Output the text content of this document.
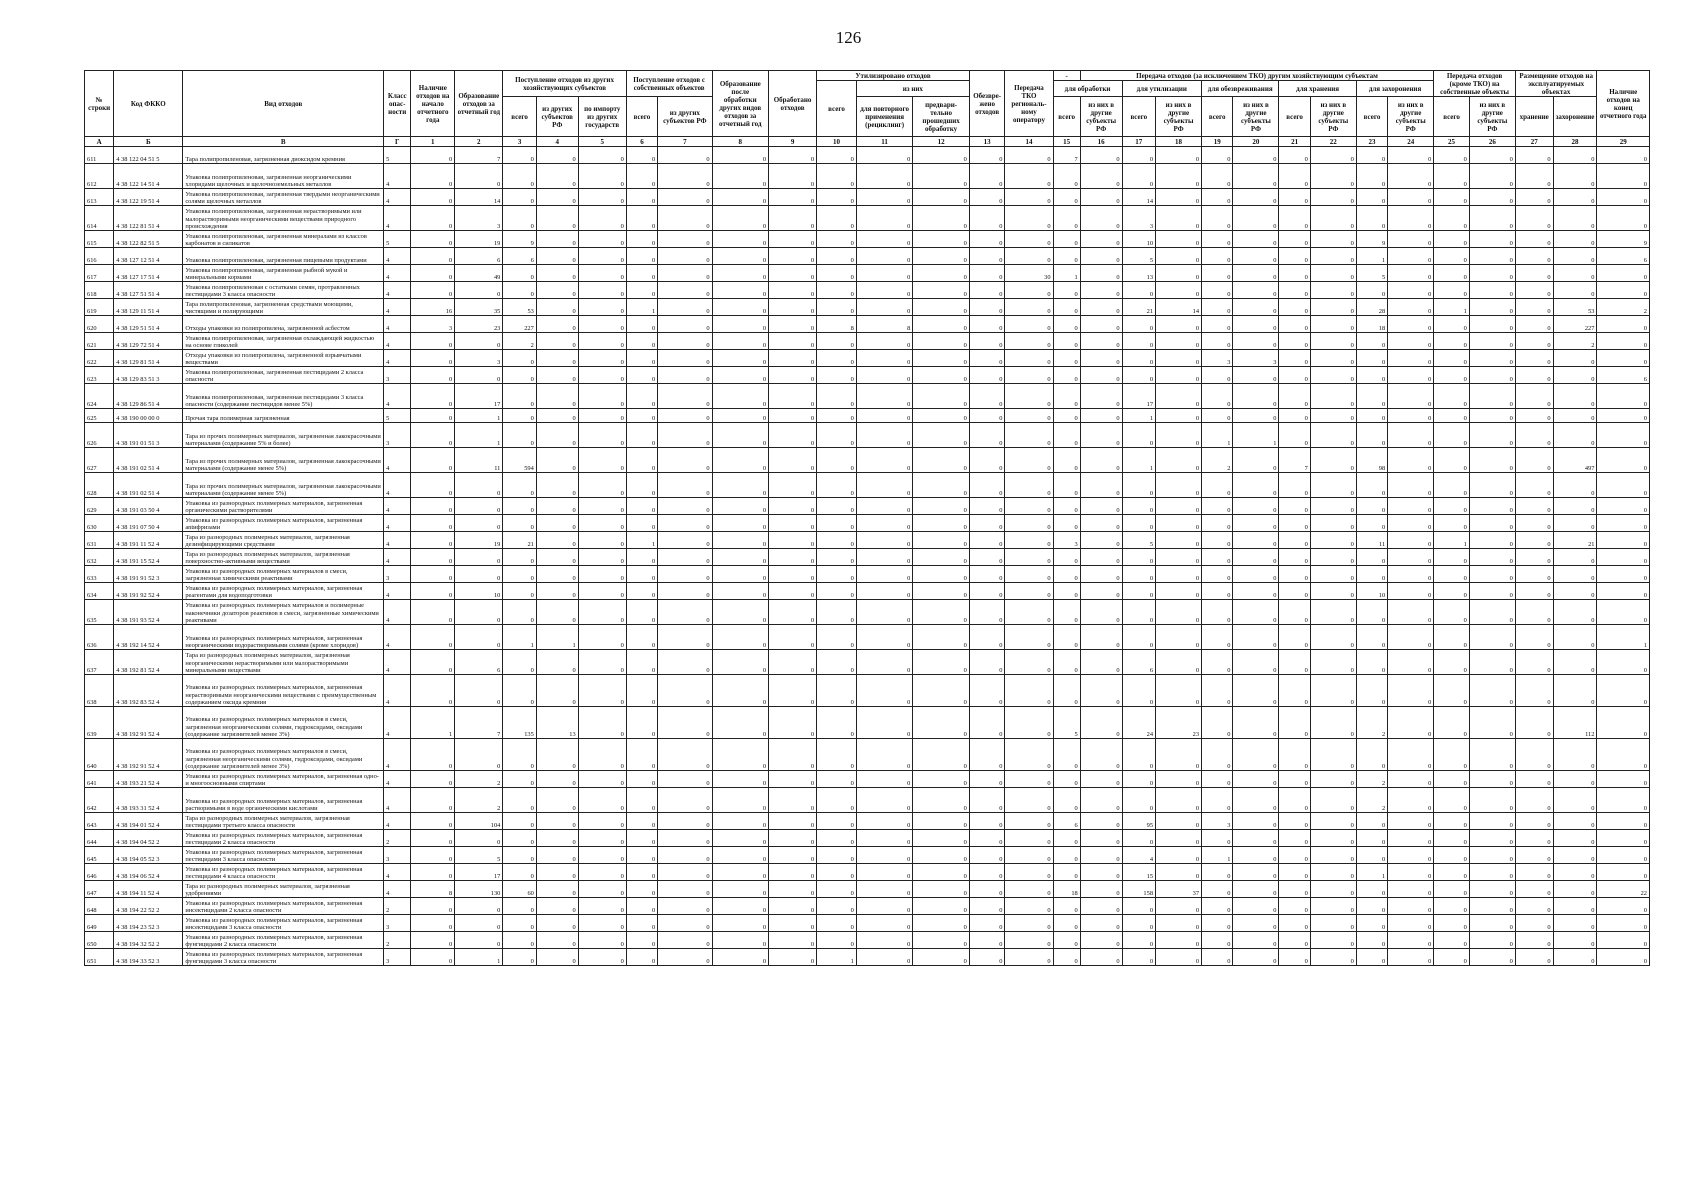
126
№ строки	Код ФККО	Вид отходов	Класс опас-ности	Наличие отходов на начало отчетного года	Образование отходов за отчетный год	Поступление отходов из других хозяйствующих субъектов			Поступление отходов с собственных объектов		Образование после обработки других видов отходов за отчетный год	Обработано отходов	Утилизировано отходов			Обезвре-жено отходов	Передача ТКО региональ-ному оператору	-	Передача отходов (за исключением ТКО) другим хозяйствующим субъектам									Передача отходов (кроме ТКО) на собственные объекты		Размещение отходов на эксплуатируемых объектах		Наличие отходов на конец отчетного года
													всего	из них				для обработки		для утилизации		для обезвреживания		для хранения		для захоронения						
						всего	из других субъектов РФ	по импорту из других государств	всего	из других субъектов РФ				для повторного применения (рециклинг)	предвари-тельно прошедших обработку			всего	из них в другие субъекты РФ	всего	из них в другие субъекты РФ	всего	из них в другие субъекты РФ	всего	из них в другие субъекты РФ	всего	из них в другие субъекты РФ	всего	из них в другие субъекты РФ	хранение	захоронение	
А	Б	В	Г	1	2	3	4	5	6	7	8	9	10	11	12	13	14	15	16	17	18	19	20	21	22	23	24	25	26	27	28	29
611	4 38 122 04 51 5	Тара полипропиленовая, загрязненная диоксидом кремния	5	0	7	0	0	0	0	0	0	0	0	0	0	0	0	7	0	0	0	0	0	0	0	0	0	0	0	0	0	0
612	4 38 122 14 51 4	Упаковка полипропиленовая, загрязненная неорганическими хлоридами щелочных и щелочноземельных металлов	4	0	0	0	0	0	0	0	0	0	0	0	0	0	0	0	0	0	0	0	0	0	0	0	0	0	0	0	0	0
613	4 38 122 19 51 4	Упаковка полипропиленовая, загрязненная твердыми неорганическими солями щелочных металлов	4	0	14	0	0	0	0	0	0	0	0	0	0	0	0	0	0	14	0	0	0	0	0	0	0	0	0	0	0	0
614	4 38 122 81 51 4	Упаковка полипропиленовая, загрязненная нерастворимыми или малорастворимыми неорганическими веществами природного происхождения	4	0	3	0	0	0	0	0	0	0	0	0	0	0	0	0	0	3	0	0	0	0	0	0	0	0	0	0	0	0
615	4 38 122 82 51 5	Упаковка полипропиленовая, загрязненная минералами из классов карбонатов и силикатов	5	0	19	9	0	0	0	0	0	0	0	0	0	0	0	0	0	10	0	0	0	0	0	9	0	0	0	0	0	9
616	4 38 127 12 51 4	Упаковка полипропиленовая, загрязненная пищевыми продуктами	4	0	6	6	0	0	0	0	0	0	0	0	0	0	0	0	0	5	0	0	0	0	0	1	0	0	0	0	0	6
617	4 38 127 17 51 4	Упаковка полипропиленовая, загрязненная рыбной мукой и минеральными кормами	4	0	49	0	0	0	0	0	0	0	0	0	0	0	30	1	0	13	0	0	0	0	0	5	0	0	0	0	0	0
618	4 38 127 51 51 4	Упаковка полипропиленовая с остатками семян, протравленных пестицидами 3 класса опасности	4	0	0	0	0	0	0	0	0	0	0	0	0	0	0	0	0	0	0	0	0	0	0	0	0	0	0	0	0	0
619	4 38 129 11 51 4	Тара полипропиленовая, загрязненная средствами моющими, чистящими и полирующими	4	16	35	53	0	0	1	0	0	0	0	0	0	0	0	0	0	21	14	0	0	0	0	28	0	1	0	0	53	2
620	4 38 129 51 51 4	Отходы упаковки из полипропилена, загрязненной асбестом	4	3	23	227	0	0	0	0	0	0	8	8	0	0	0	0	0	0	0	0	0	0	0	18	0	0	0	0	227	0
621	4 38 129 72 51 4	Упаковка полипропиленовая, загрязненная охлаждающей жидкостью на основе гликолей	4	0	0	2	0	0	0	0	0	0	0	0	0	0	0	0	0	0	0	0	0	0	0	0	0	0	0	0	2	0
622	4 38 129 81 51 4	Отходы упаковки из полипропилена, загрязненной взрывчатыми веществами	4	0	3	0	0	0	0	0	0	0	0	0	0	0	0	0	0	0	0	3	3	0	0	0	0	0	0	0	0	0
623	4 38 129 83 51 3	Упаковка полипропиленовая, загрязненная пестицидами 2 класса опасности	3	0	0	0	0	0	0	0	0	0	0	0	0	0	0	0	0	0	0	0	0	0	0	0	0	0	0	0	0	6
624	4 38 129 86 51 4	Упаковка полипропиленовая, загрязненная пестицидами 3 класса опасности (содержание пестицидов менее 5%)	4	0	17	0	0	0	0	0	0	0	0	0	0	0	0	0	0	17	0	0	0	0	0	0	0	0	0	0	0	0
625	4 38 190 00 00 0	Прочая тара полимерная загрязненная	5	0	1	0	0	0	0	0	0	0	0	0	0	0	0	0	0	1	0	0	0	0	0	0	0	0	0	0	0	0
626	4 38 191 01 51 3	Тара из прочих полимерных материалов, загрязненная лакокрасочными материалами (содержание 5% и более)	3	0	1	0	0	0	0	0	0	0	0	0	0	0	0	0	0	0	0	1	1	0	0	0	0	0	0	0	0	0
627	4 38 191 02 51 4	Тара из прочих полимерных материалов, загрязненная лакокрасочными материалами (содержание менее 5%)	4	0	11	594	0	0	0	0	0	0	0	0	0	0	0	0	0	1	0	2	0	7	0	98	0	0	0	0	497	0
628	4 38 191 02 51 4	Тара из прочих полимерных материалов, загрязненная лакокрасочными материалами (содержание менее 5%)	4	0	0	0	0	0	0	0	0	0	0	0	0	0	0	0	0	0	0	0	0	0	0	0	0	0	0	0	0	0
629	4 38 191 03 50 4	Упаковка из разнородных полимерных материалов, загрязненная органическими растворителями	4	0	0	0	0	0	0	0	0	0	0	0	0	0	0	0	0	0	0	0	0	0	0	0	0	0	0	0	0	0
630	4 38 191 07 50 4	Упаковка из разнородных полимерных материалов, загрязненная antифризами	4	0	0	0	0	0	0	0	0	0	0	0	0	0	0	0	0	0	0	0	0	0	0	0	0	0	0	0	0	0
631	4 38 191 11 52 4	Тара из разнородных полимерных материалов, загрязненная дезинфицирующими средствами	4	0	19	21	0	0	1	0	0	0	0	0	0	0	0	3	0	5	0	0	0	0	0	11	0	1	0	0	21	0
632	4 38 191 15 52 4	Тара из разнородных полимерных материалов, загрязненная поверхностно-активными веществами	4	0	0	0	0	0	0	0	0	0	0	0	0	0	0	0	0	0	0	0	0	0	0	0	0	0	0	0	0	0
633	4 38 191 91 52 3	Упаковка из разнородных полимерных материалов в смеси, загрязненная химическими реактивами	3	0	0	0	0	0	0	0	0	0	0	0	0	0	0	0	0	0	0	0	0	0	0	0	0	0	0	0	0	0
634	4 38 191 92 52 4	Упаковка из разнородных полимерных материалов, загрязненная реагентами для водоподготовки	4	0	10	0	0	0	0	0	0	0	0	0	0	0	0	0	0	0	0	0	0	0	0	10	0	0	0	0	0	0
635	4 38 191 93 52 4	Упаковка из разнородных полимерных материалов и полимерные наконечники дозаторов реактивов в смеси, загрязненные химическими реактивами	4	0	0	0	0	0	0	0	0	0	0	0	0	0	0	0	0	0	0	0	0	0	0	0	0	0	0	0	0	0
636	4 38 192 14 52 4	Упаковка из разнородных полимерных материалов, загрязненная неорганическими водорастворимыми солями (кроме хлоридов)	4	0	0	1	1	0	0	0	0	0	0	0	0	0	0	0	0	0	0	0	0	0	0	0	0	0	0	0	0	1
637	4 38 192 81 52 4	Тара из разнородных полимерных материалов, загрязненная неорганическими нерастворимыми или малорастворимыми минеральными веществами	4	0	6	0	0	0	0	0	0	0	0	0	0	0	0	0	0	6	0	0	0	0	0	0	0	0	0	0	0	0
638	4 38 192 83 52 4	Упаковка из разнородных полимерных материалов, загрязненная нерастворимыми неорганическими веществами с преимущественным содержанием оксида кремния	4	0	0	0	0	0	0	0	0	0	0	0	0	0	0	0	0	0	0	0	0	0	0	0	0	0	0	0	0	0
639	4 38 192 91 52 4	Упаковка из разнородных полимерных материалов в смеси, загрязненная неорганическими солями, гидроксидами, оксидами (содержание загрязнителей менее 3%)	4	1	7	135	13	0	0	0	0	0	0	0	0	0	0	5	0	24	23	0	0	0	0	2	0	0	0	0	112	0
640	4 38 192 91 52 4	Упаковка из разнородных полимерных материалов в смеси, загрязненная неорганическими солями, гидроксидами, оксидами (содержание загрязнителей менее 3%)	4	0	0	0	0	0	0	0	0	0	0	0	0	0	0	0	0	0	0	0	0	0	0	0	0	0	0	0	0	0
641	4 38 193 21 52 4	Упаковка из разнородных полимерных материалов, загрязненная одно- и многоосновными спиртами	4	0	2	0	0	0	0	0	0	0	0	0	0	0	0	0	0	0	0	0	0	0	0	2	0	0	0	0	0	0
642	4 38 193 31 52 4	Упаковка из разнородных полимерных материалов, загрязненная растворимыми в воде органическими кислотами	4	0	2	0	0	0	0	0	0	0	0	0	0	0	0	0	0	0	0	0	0	0	0	2	0	0	0	0	0	0
643	4 38 194 01 52 4	Тара из разнородных полимерных материалов, загрязненная пестицидами третьего класса опасности	4	0	104	0	0	0	0	0	0	0	0	0	0	0	0	6	0	95	0	3	0	0	0	0	0	0	0	0	0	0
644	4 38 194 04 52 2	Упаковка из разнородных полимерных материалов, загрязненная пестицидами 2 класса опасности	2	0	0	0	0	0	0	0	0	0	0	0	0	0	0	0	0	0	0	0	0	0	0	0	0	0	0	0	0	0
645	4 38 194 05 52 3	Упаковка из разнородных полимерных материалов, загрязненная пестицидами 3 класса опасности	3	0	5	0	0	0	0	0	0	0	0	0	0	0	0	0	0	4	0	1	0	0	0	0	0	0	0	0	0	0
646	4 38 194 06 52 4	Упаковка из разнородных полимерных материалов, загрязненная пестицидами 4 класса опасности	4	0	17	0	0	0	0	0	0	0	0	0	0	0	0	0	0	15	0	0	0	0	0	1	0	0	0	0	0	0
647	4 38 194 11 52 4	Тара из разнородных полимерных материалов, загрязненная удобрениями	4	8	130	60	0	0	0	0	0	0	0	0	0	0	0	18	0	158	37	0	0	0	0	0	0	0	0	0	0	22
648	4 38 194 22 52 2	Упаковка из разнородных полимерных материалов, загрязненная инсектицидами 2 класса опасности	2	0	0	0	0	0	0	0	0	0	0	0	0	0	0	0	0	0	0	0	0	0	0	0	0	0	0	0	0	0
649	4 38 194 23 52 3	Упаковка из разнородных полимерных материалов, загрязненная инсектицидами 3 класса опасности	3	0	0	0	0	0	0	0	0	0	0	0	0	0	0	0	0	0	0	0	0	0	0	0	0	0	0	0	0	0
650	4 38 194 32 52 2	Упаковка из разнородных полимерных материалов, загрязненная фунгицидами 2 класса опасности	2	0	0	0	0	0	0	0	0	0	0	0	0	0	0	0	0	0	0	0	0	0	0	0	0	0	0	0	0	0
651	4 38 194 33 52 3	Упаковка из разнородных полимерных материалов, загрязненная фунгицидами 3 класса опасности	3	0	1	0	0	0	0	0	0	0	1	0	0	0	0	0	0	0	0	0	0	0	0	0	0	0	0	0	0	0
